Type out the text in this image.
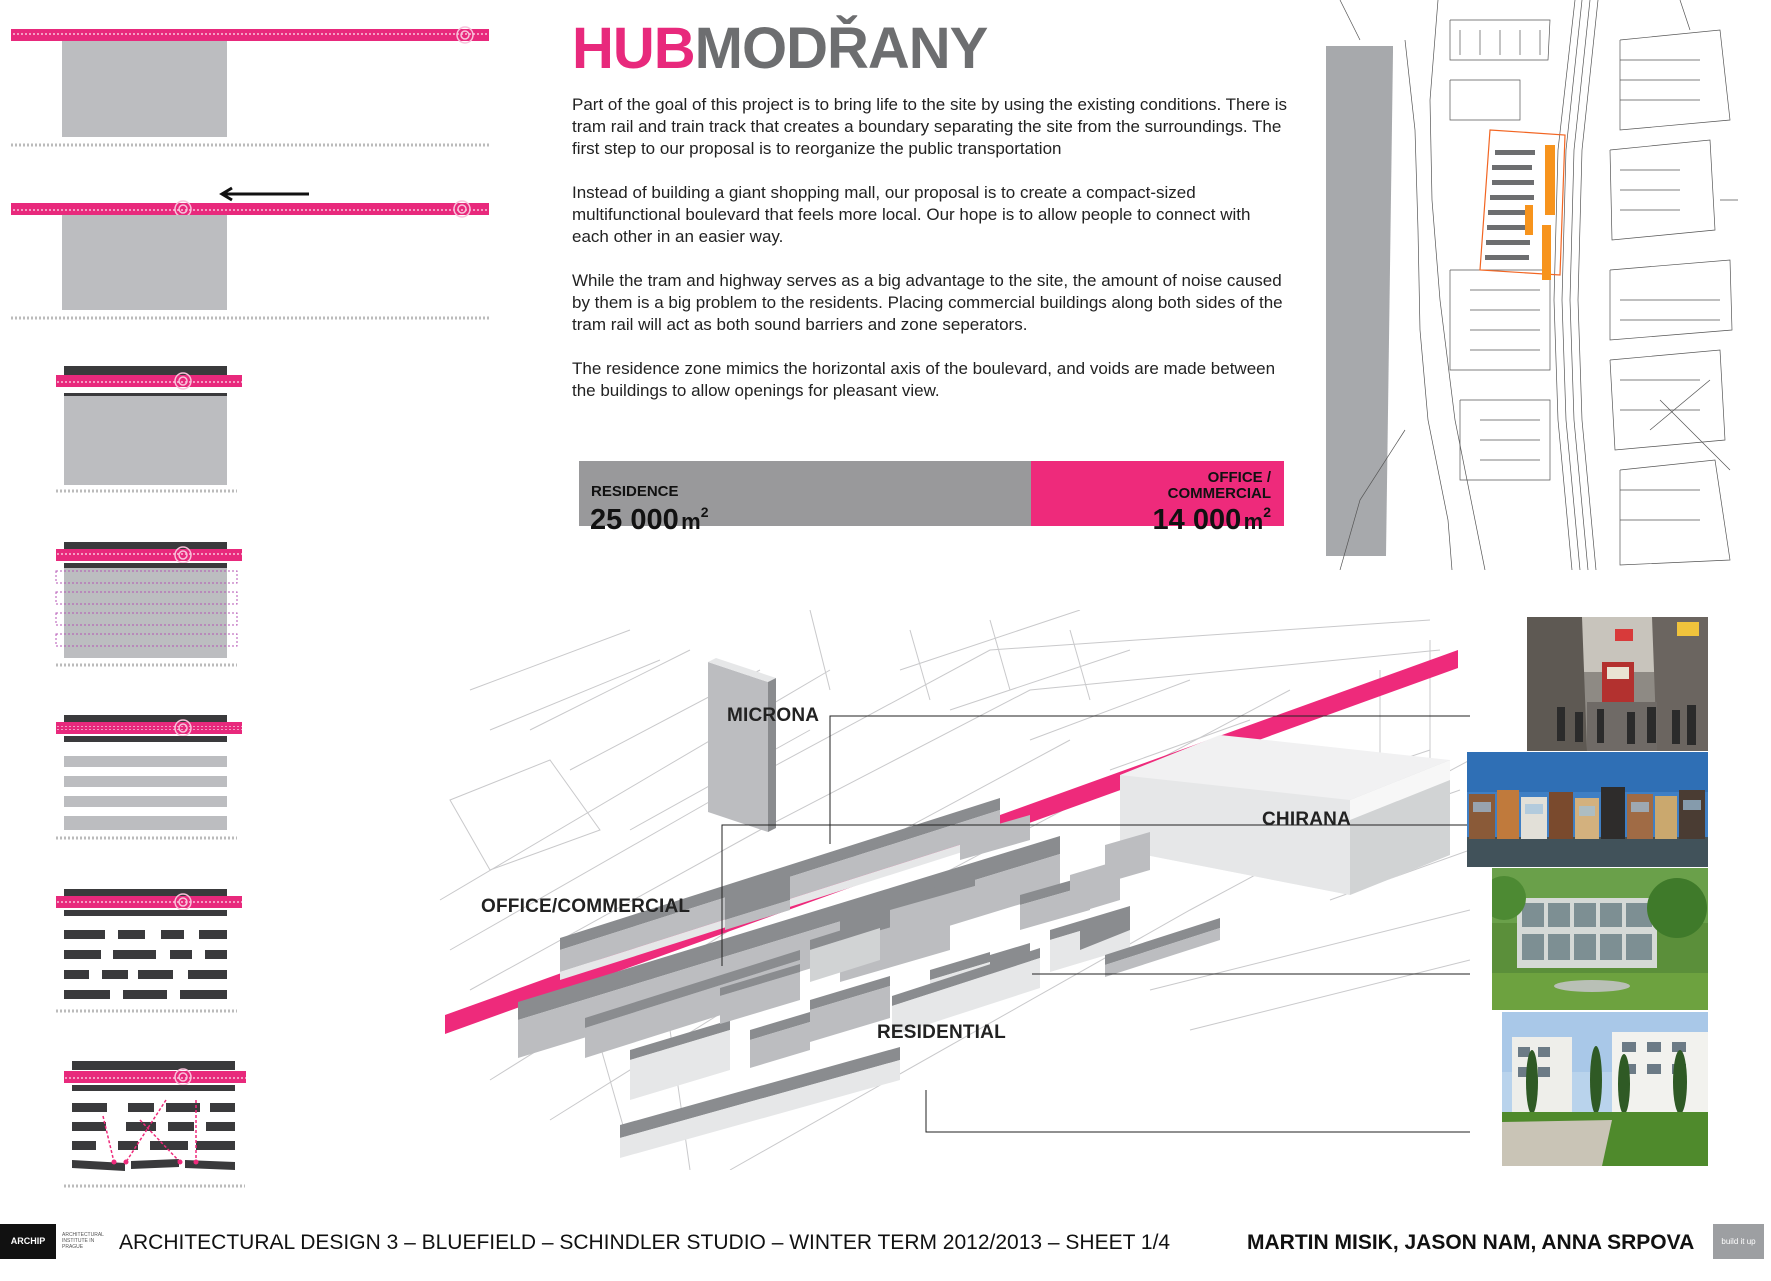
HUBMODŘANY

Part of the goal of this project is to bring life to the site by using the existing conditions. There is tram rail and train track that creates a boundary separating the site from the surroundings. The first step to our proposal is to reorganize the public transportation

Instead of building a giant shopping mall, our proposal is to create a compact-sized multifunctional boulevard that feels more local. Our hope is to allow people to connect with each other in an easier way.

While the tram and highway serves as a big advantage to the site, the amount of noise caused by them is a big problem to the residents. Placing commercial buildings along both sides of the tram rail will act as both sound barriers and zone seperators.

The residence zone mimics the horizontal axis of the boulevard, and voids are made between the buildings to allow openings for pleasant view.

RESIDENCE
25 000  $m^2$
OFFICE /
COMMERCIAL
14 000  $m^2$
MICRONA
CHIRANA
OFFICE/COMMERCIAL
RESIDENTIAL
ARCHIP
ARCHITECTURAL INSTITUTE IN PRAGUE	ARCHITECTURAL DESIGN 3 – BLUEFIELD – SCHINDLER STUDIO – WINTER TERM 2012/2013 – SHEET 1/4	MARTIN MISIK, JASON NAM, ANNA SRPOVA	build it up
